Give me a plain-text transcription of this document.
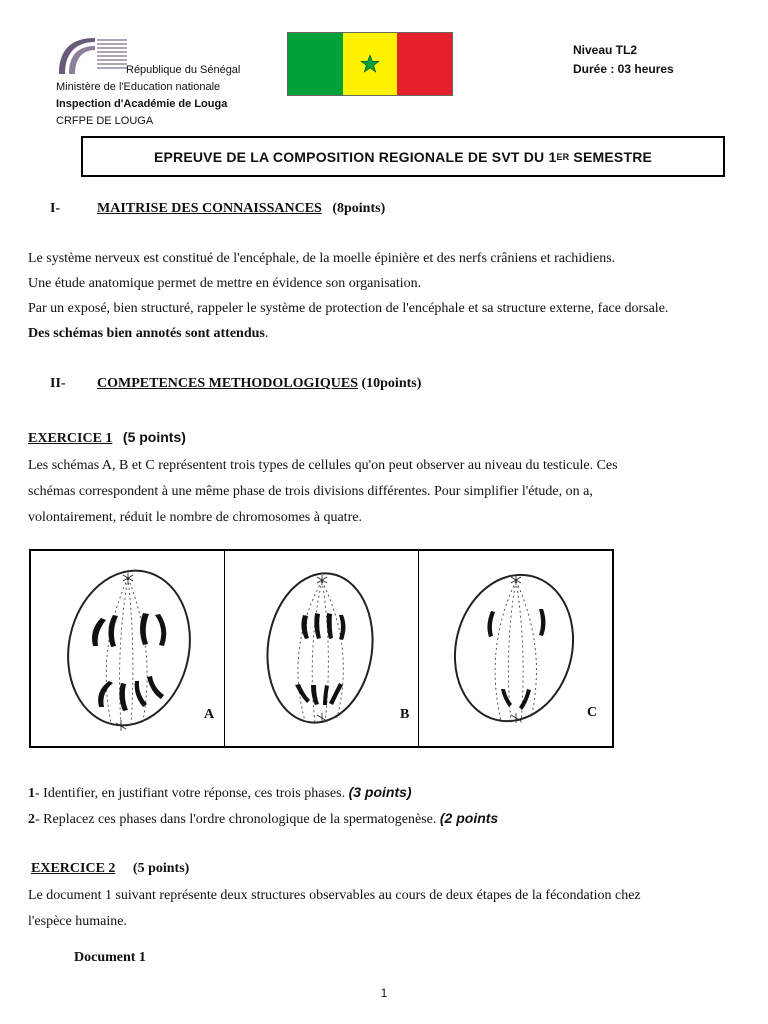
République du Sénégal
Ministère de l'Education nationale
Inspection d'Académie de Louga
CRFPE DE LOUGA
Niveau TL2
Durée : 03 heures
EPREUVE DE LA COMPOSITION REGIONALE DE SVT DU 1 ER SEMESTRE
I-	MAITRISE DES CONNAISSANCES (8points)
Le système nerveux est constitué de l'encéphale, de la moelle épinière et des nerfs crâniens et rachidiens.
Une étude anatomique permet de mettre en évidence son organisation.
Par un exposé, bien structuré, rappeler le système de protection de l'encéphale et sa structure externe, face dorsale.
Des schémas bien annotés sont attendus.
II- COMPETENCES METHODOLOGIQUES (10points)
EXERCICE 1 (5 points)
Les schémas A, B et C représentent trois types de cellules qu'on peut observer au niveau du testicule. Ces
schémas correspondent à une même phase de trois divisions différentes. Pour simplifier l'étude, on a,
volontairement, réduit le nombre de chromosomes à quatre.
A	B	C
1- Identifier, en justifiant votre réponse, ces trois phases. (3 points)
2- Replacez ces phases dans l'ordre chronologique de la spermatogenèse. (2 points
EXERCICE 2 (5 points)
Le document 1 suivant représente deux structures observables au cours de deux étapes de la fécondation chez
l'espèce humaine.
Document 1
1
